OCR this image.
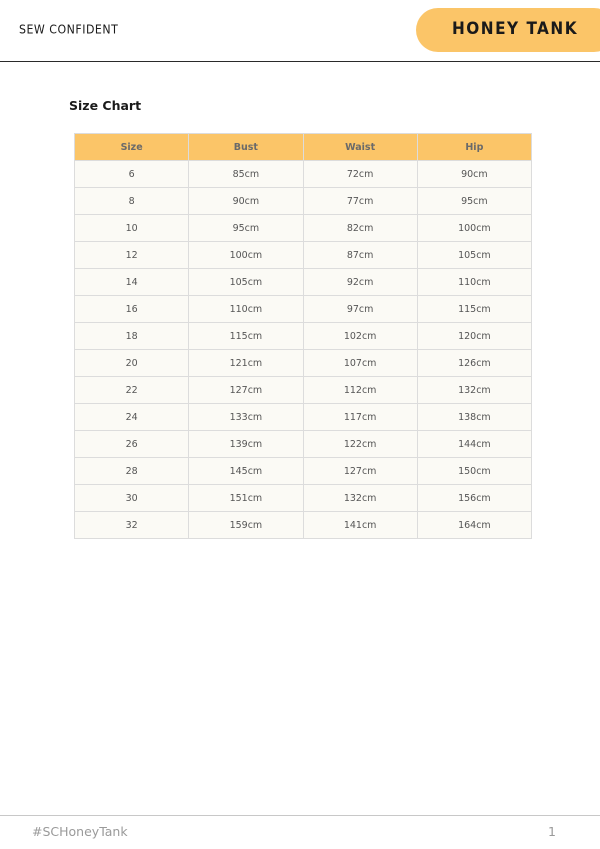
SEW CONFIDENT	HONEY TANK
Size Chart
Size	Bust	Waist	Hip
6	85cm	72cm	90cm
8	90cm	77cm	95cm
10	95cm	82cm	100cm
12	100cm	87cm	105cm
14	105cm	92cm	110cm
16	110cm	97cm	115cm
18	115cm	102cm	120cm
20	121cm	107cm	126cm
22	127cm	112cm	132cm
24	133cm	117cm	138cm
26	139cm	122cm	144cm
28	145cm	127cm	150cm
30	151cm	132cm	156cm
32	159cm	141cm	164cm
#SCHoneyTank	1
